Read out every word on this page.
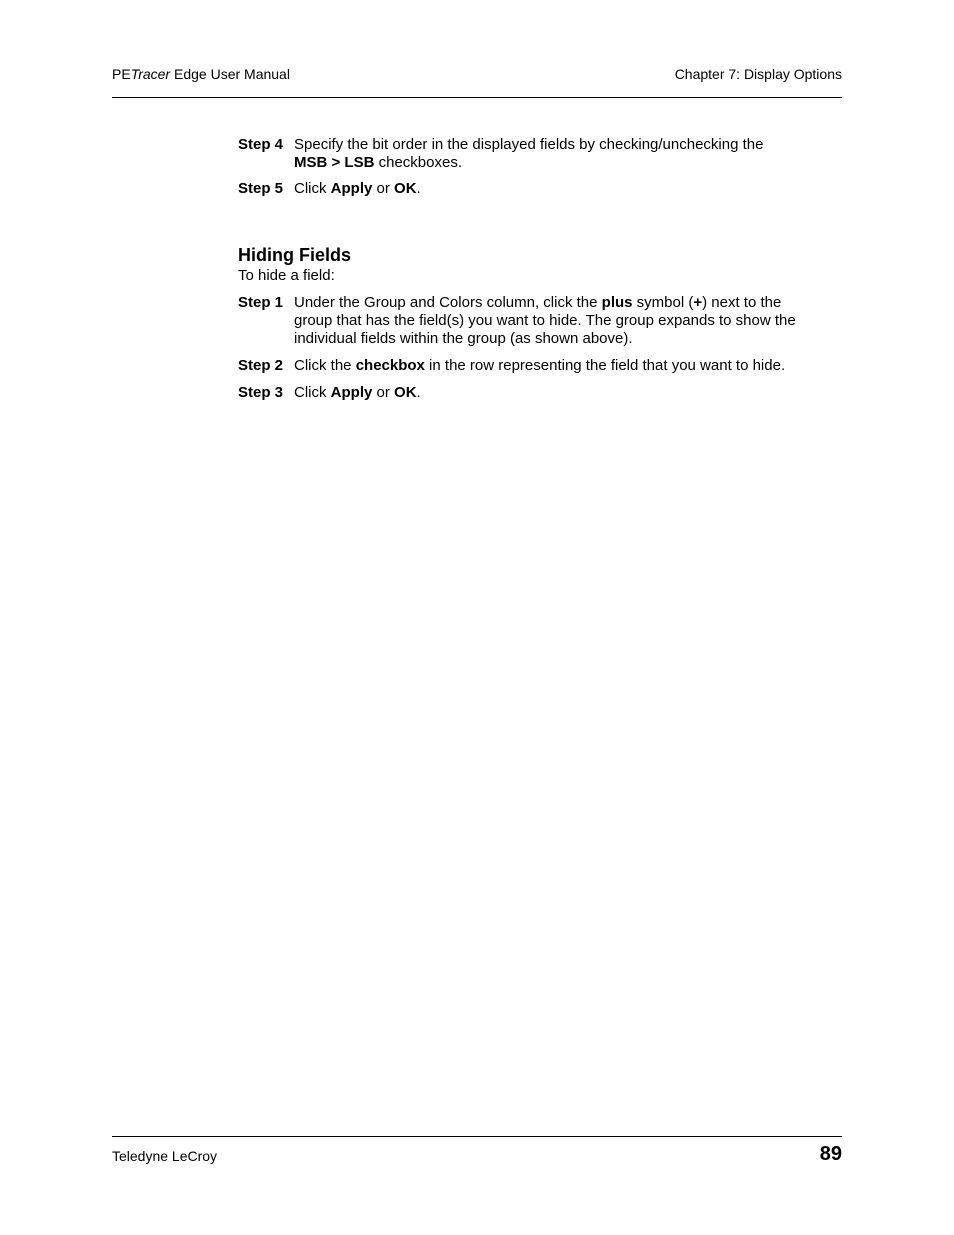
PETracer Edge User Manual	Chapter 7: Display Options
Step 4 Specify the bit order in the displayed fields by checking/unchecking the MSB > LSB checkboxes.
Step 5 Click Apply or OK.
Hiding Fields
To hide a field:
Step 1 Under the Group and Colors column, click the plus symbol (+) next to the group that has the field(s) you want to hide. The group expands to show the individual fields within the group (as shown above).
Step 2 Click the checkbox in the row representing the field that you want to hide.
Step 3 Click Apply or OK.
Teledyne LeCroy	89
